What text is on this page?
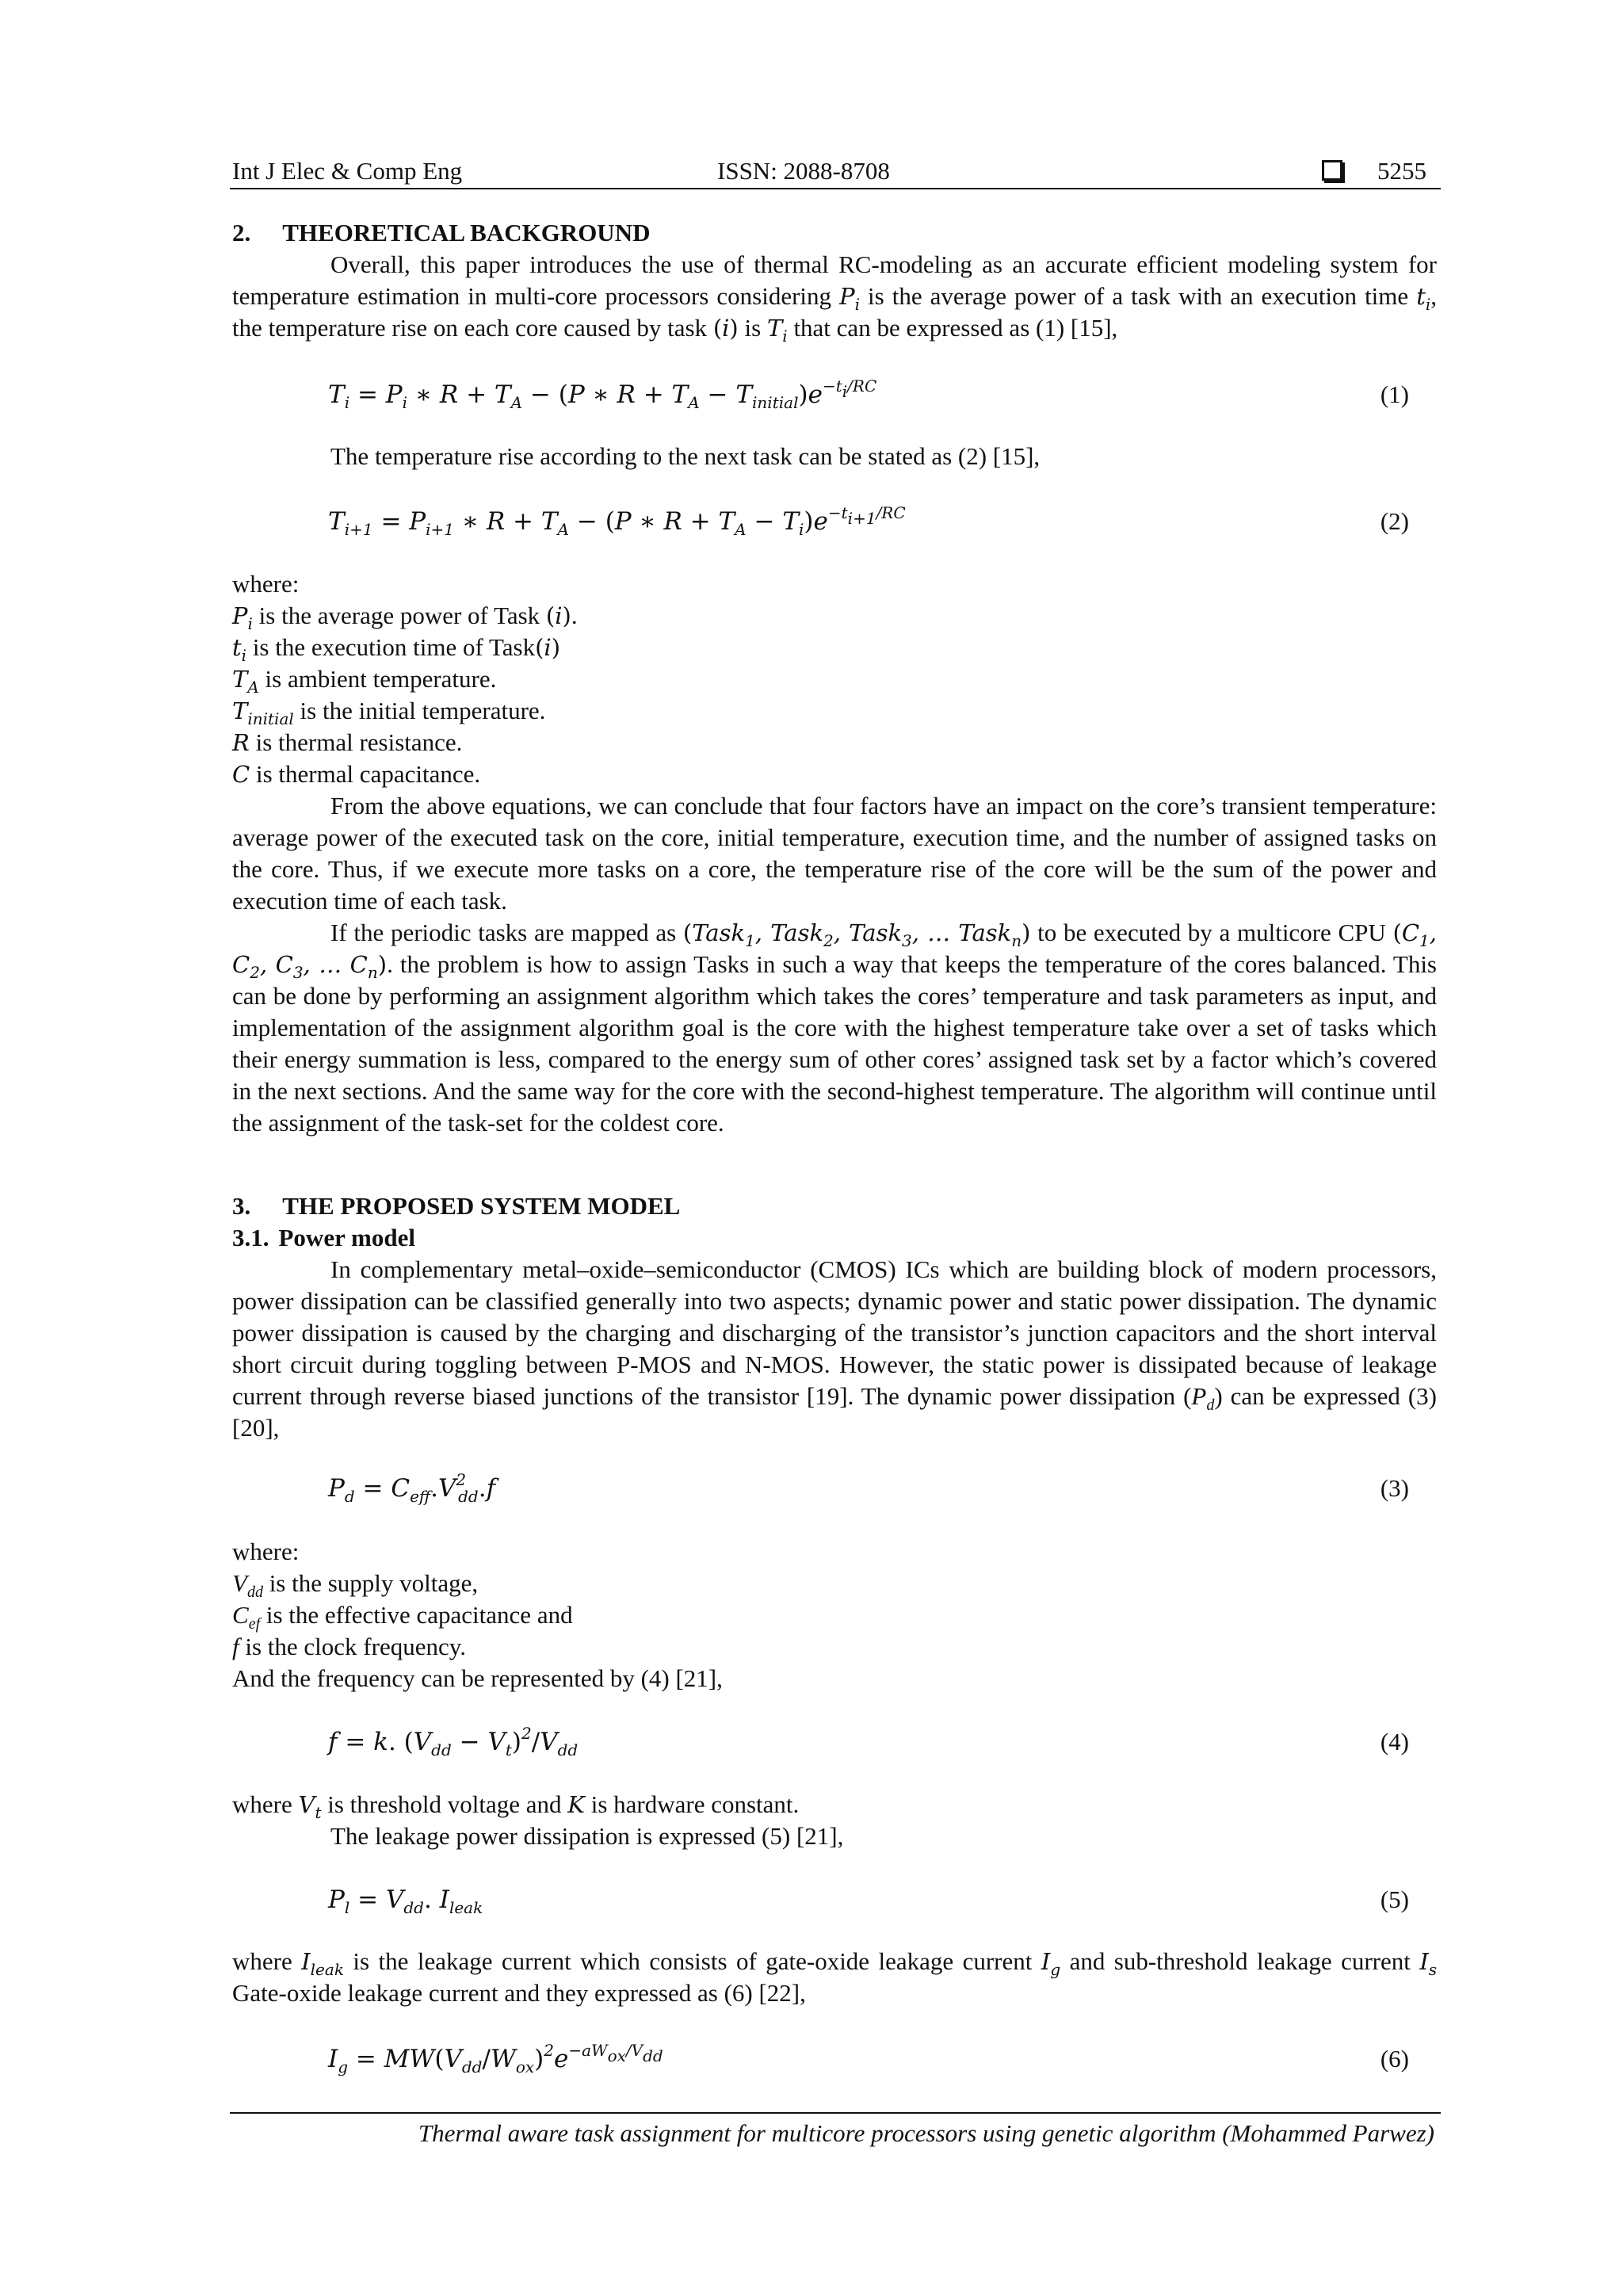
Int J Elec & Comp Eng	ISSN: 2088-8708	5255
2. THEORETICAL BACKGROUND
Overall, this paper introduces the use of thermal RC-modeling as an accurate efficient modeling system for temperature estimation in multi-core processors considering $P_i$ is the average power of a task with an execution time $t_i$, the temperature rise on each core caused by task (i) is $T_i$ that can be expressed as (1) [15],
$T_i = P_i$ ∗ $R + T_A - (P$ ∗ $R + T_A - T_{initial})e^{-t_i/RC}$	(1)
The temperature rise according to the next task can be stated as (2) [15],
$T_{i+1} = P_{i+1}$ ∗ $R + T_A - (P$ ∗ $R + T_A - T_i)e^{-t_{i+1}/RC}$	(2)
where:
$P_i$ is the average power of Task (i).
$t_i$ is the execution time of Task(i)
$T_A$ is ambient temperature.
$T_{initial}$ is the initial temperature.
R is thermal resistance.
C is thermal capacitance.
From the above equations, we can conclude that four factors have an impact on the core’s transient temperature: average power of the executed task on the core, initial temperature, execution time, and the number of assigned tasks on the core. Thus, if we execute more tasks on a core, the temperature rise of the core will be the sum of the power and execution time of each task.
If the periodic tasks are mapped as (Task$_1$, Task$_2$, Task$_3$, … Task$_n$) to be executed by a multicore CPU ($C_1$, $C_2$, $C_3$, … $C_n$). the problem is how to assign Tasks in such a way that keeps the temperature of the cores balanced. This can be done by performing an assignment algorithm which takes the cores’ temperature and task parameters as input, and implementation of the assignment algorithm goal is the core with the highest temperature take over a set of tasks which their energy summation is less, compared to the energy sum of other cores’ assigned task set by a factor which’s covered in the next sections. And the same way for the core with the second-highest temperature. The algorithm will continue until the assignment of the task-set for the coldest core.
3. THE PROPOSED SYSTEM MODEL
3.1. Power model
In complementary metal–oxide–semiconductor (CMOS) ICs which are building block of modern processors, power dissipation can be classified generally into two aspects; dynamic power and static power dissipation. The dynamic power dissipation is caused by the charging and discharging of the transistor’s junction capacitors and the short interval short circuit during toggling between P-MOS and N-MOS. However, the static power is dissipated because of leakage current through reverse biased junctions of the transistor [19]. The dynamic power dissipation $(P_d)$ can be expressed (3) [20],
$P_d = C_{eff}.V^2_{dd}.f$	(3)
where:
$V_{dd}$ is the supply voltage,
$C_{ef}$ is the effective capacitance and
f is the clock frequency.
And the frequency can be represented by (4) [21],
f = k. $(V_{dd} - V_t)^2/V_{dd}$	(4)
where $V_t$ is threshold voltage and K is hardware constant.
The leakage power dissipation is expressed (5) [21],
$P_l = V_{dd}$. $I_{leak}$	(5)
where $I_{leak}$ is the leakage current which consists of gate-oxide leakage current $I_g$ and sub-threshold leakage current $I_s$ Gate-oxide leakage current and they expressed as (6) [22],
$I_g = MW(V_{dd}/W_{ox})^2e^{-aW_{ox}/V_{dd}}$	(6)
Thermal aware task assignment for multicore processors using genetic algorithm (Mohammed Parwez)
